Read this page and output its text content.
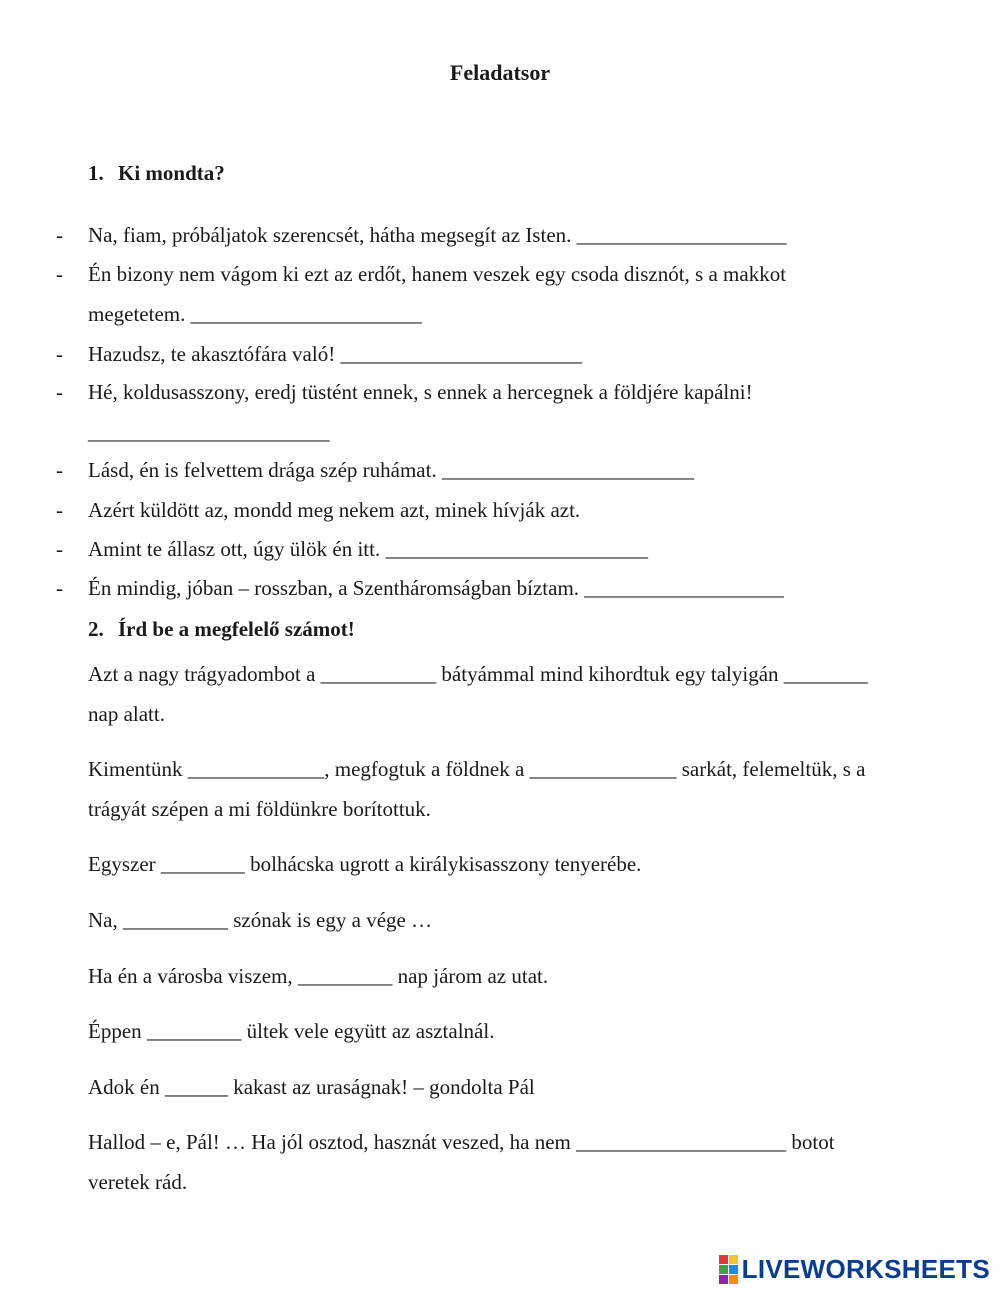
Feladatsor
1. Ki mondta?
- Na, fiam, próbáljatok szerencsét, hátha megsegít az Isten. ____________________
- Én bizony nem vágom ki ezt az erdőt, hanem veszek egy csoda disznót, s a makkot
megetetem. ______________________
- Hazudsz, te akasztófára való! _______________________
- Hé, koldusasszony, eredj tüstént ennek, s ennek a hercegnek a földjére kapálni!
_______________________
- Lásd, én is felvettem drága szép ruhámat. ________________________
- Azért küldött az, mondd meg nekem azt, minek hívják azt.
- Amint te állasz ott, úgy ülök én itt. _________________________
- Én mindig, jóban – rosszban, a Szentháromságban bíztam. ___________________
2. Írd be a megfelelő számot!
Azt a nagy trágyadombot a ___________ bátyámmal mind kihordtuk egy talyigán ________
nap alatt.
Kimentünk _____________, megfogtuk a földnek a ______________ sarkát, felemeltük, s a
trágyát szépen a mi földünkre borítottuk.
Egyszer ________ bolhácska ugrott a királykisasszony tenyerébe.
Na, __________ szónak is egy a vége …
Ha én a városba viszem, _________ nap járom az utat.
Éppen _________ ültek vele együtt az asztalnál.
Adok én ______ kakast az uraságnak! – gondolta Pál
Hallod – e, Pál! … Ha jól osztod, hasznát veszed, ha nem ____________________ botot
veretek rád.
LIVEWORKSHEETS
